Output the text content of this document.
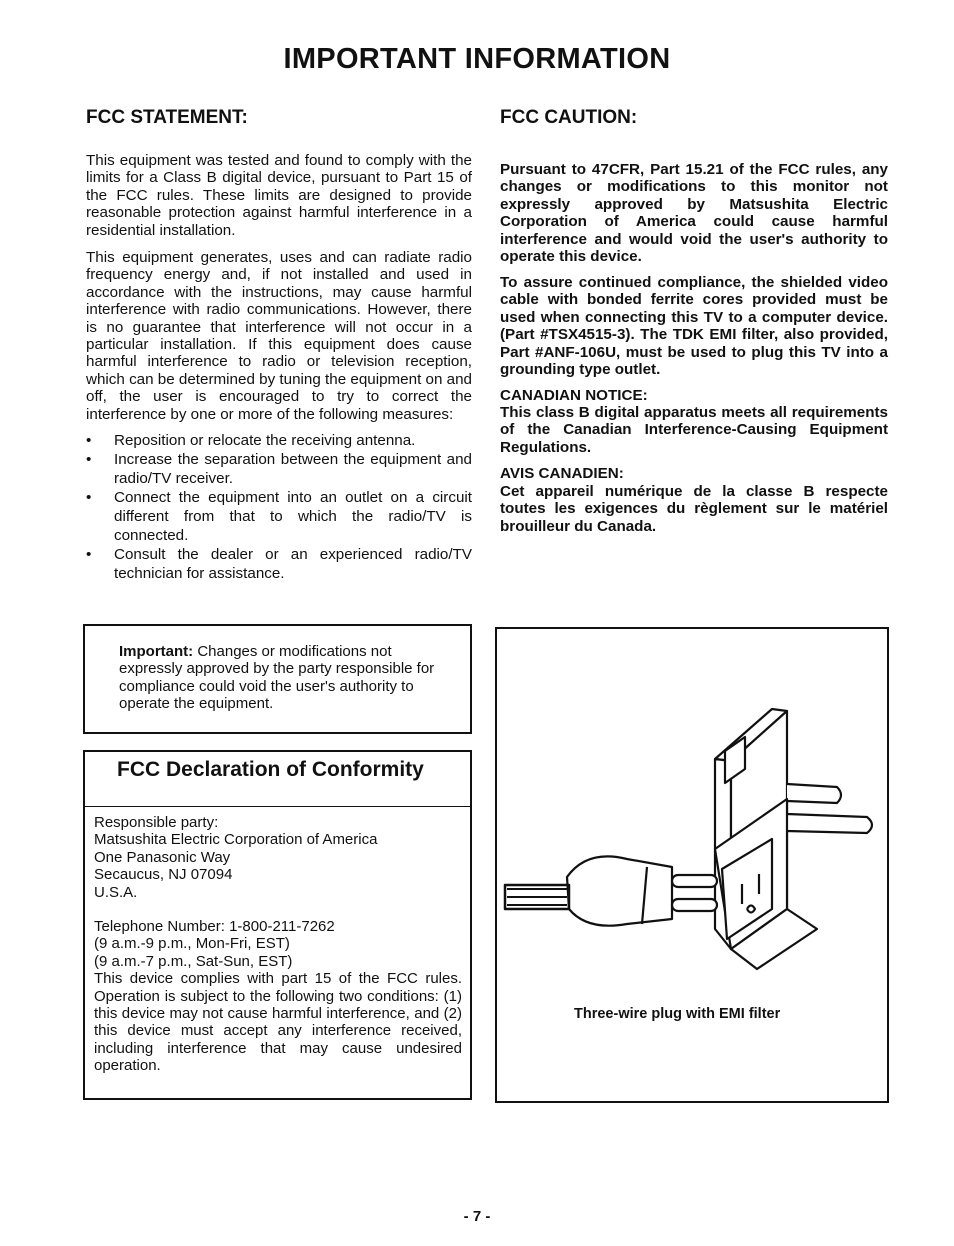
IMPORTANT INFORMATION
FCC STATEMENT:
This equipment was tested and found to comply with the limits for a Class B digital device, pursuant to Part 15 of the FCC rules. These limits are designed to provide reasonable protection against harmful interference in a residential installation.
This equipment generates, uses and can radiate radio frequency energy and, if not installed and used in accordance with the instructions, may cause harmful interference with radio communications. However, there is no guarantee that interference will not occur in a particular installation. If this equipment does cause harmful interference to radio or television reception, which can be determined by tuning the equipment on and off, the user is encouraged to try to correct the interference by one or more of the following measures:
• Reposition or relocate the receiving antenna.
• Increase the separation between the equipment and radio/TV receiver.
• Connect the equipment into an outlet on a circuit different from that to which the radio/TV is connected.
• Consult the dealer or an experienced radio/TV technician for assistance.
FCC CAUTION:
Pursuant to 47CFR, Part 15.21 of the FCC rules, any changes or modifications to this monitor not expressly approved by Matsushita Electric Corporation of America could cause harmful interference and would void the user's authority to operate this device.
To assure continued compliance, the shielded video cable with bonded ferrite cores provided must be used when connecting this TV to a computer device. (Part #TSX4515-3). The TDK EMI filter, also provided, Part #ANF-106U, must be used to plug this TV into a grounding type outlet.
CANADIAN NOTICE:
This class B digital apparatus meets all requirements of the Canadian Interference-Causing Equipment Regulations.
AVIS CANADIEN:
Cet appareil numérique de la classe B respecte toutes les exigences du règlement sur le matériel brouilleur du Canada.
Important: Changes or modifications not expressly approved by the party responsible for compliance could void the user's authority to operate the equipment.
FCC Declaration of Conformity
Responsible party:
Matsushita Electric Corporation of America
One Panasonic Way
Secaucus, NJ 07094
U.S.A.
Telephone Number: 1-800-211-7262
(9 a.m.-9 p.m., Mon-Fri, EST)
(9 a.m.-7 p.m., Sat-Sun, EST)
This device complies with part 15 of the FCC rules. Operation is subject to the following two conditions: (1) this device may not cause harmful interference, and (2) this device must accept any interference received, including interference that may cause undesired operation.
Three-wire plug with EMI filter
- 7 -
